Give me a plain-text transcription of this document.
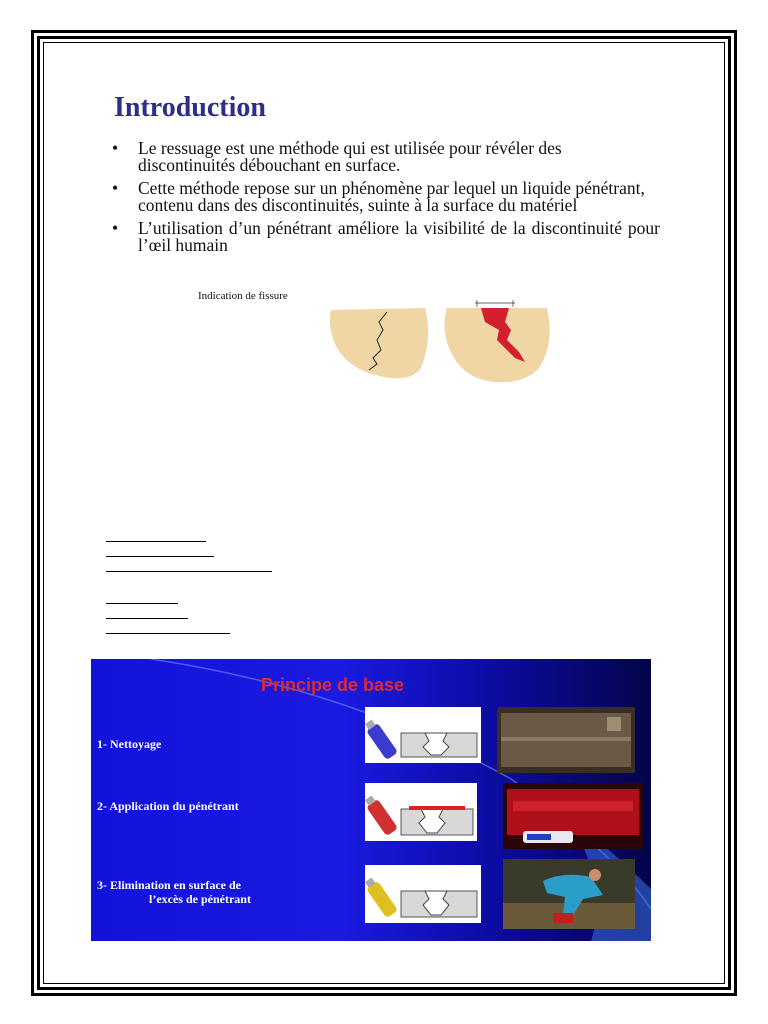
Introduction
• Le ressuage est une méthode qui est utilisée pour révéler des discontinuités débouchant en surface.
• Cette méthode repose sur un phénomène par lequel un liquide pénétrant, contenu dans des discontinuités, suinte à la surface du matériel
• L’utilisation d’un pénétrant améliore la visibilité de la discontinuité pour l’œil humain
Indication de fissure
Principe de base
1- Nettoyage
2- Application du pénétrant
3- Elimination en surface de
l’excès de pénétrant
